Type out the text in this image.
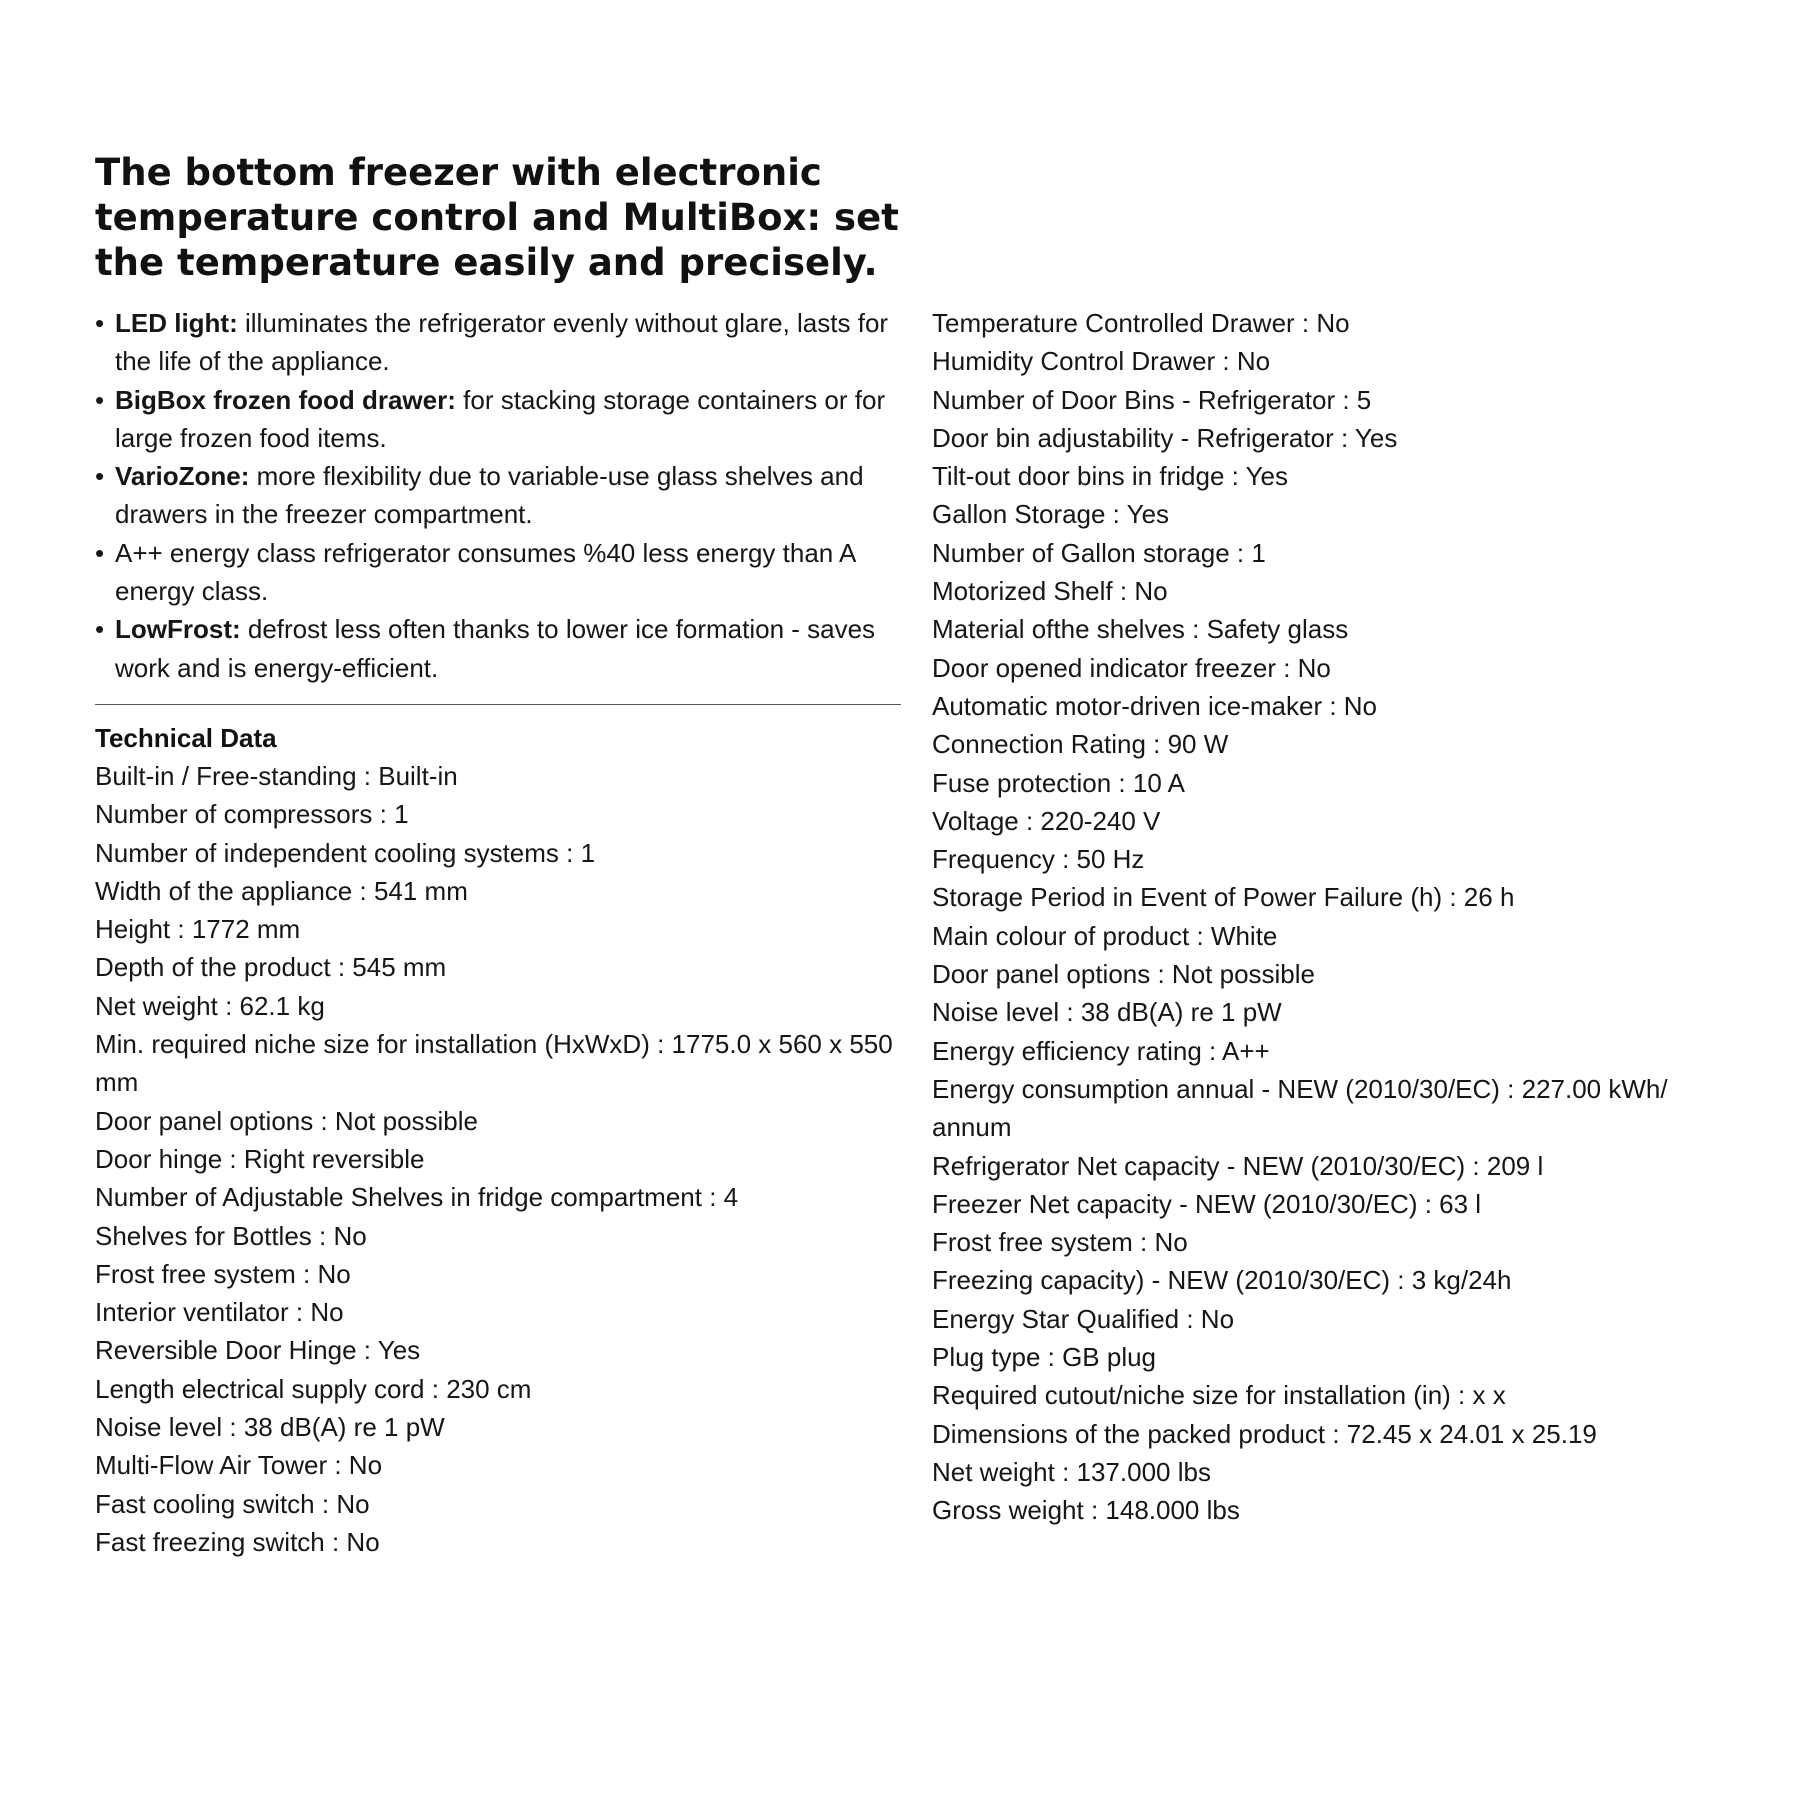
The bottom freezer with electronic temperature control and MultiBox: set the temperature easily and precisely.
• LED light: illuminates the refrigerator evenly without glare, lasts for the life of the appliance.
• BigBox frozen food drawer: for stacking storage containers or for large frozen food items.
• VarioZone: more flexibility due to variable-use glass shelves and drawers in the freezer compartment.
• A++ energy class refrigerator consumes %40 less energy than A energy class.
• LowFrost: defrost less often thanks to lower ice formation - saves work and is energy-efficient.
Technical Data
Built-in / Free-standing : Built-in
Number of compressors : 1
Number of independent cooling systems : 1
Width of the appliance : 541 mm
Height : 1772 mm
Depth of the product : 545 mm
Net weight : 62.1 kg
Min. required niche size for installation (HxWxD) : 1775.0 x 560 x 550 mm
Door panel options : Not possible
Door hinge : Right reversible
Number of Adjustable Shelves in fridge compartment : 4
Shelves for Bottles : No
Frost free system : No
Interior ventilator : No
Reversible Door Hinge : Yes
Length electrical supply cord : 230 cm
Noise level : 38 dB(A) re 1 pW
Multi-Flow Air Tower : No
Fast cooling switch : No
Fast freezing switch : No
Temperature Controlled Drawer : No
Humidity Control Drawer : No
Number of Door Bins - Refrigerator : 5
Door bin adjustability - Refrigerator : Yes
Tilt-out door bins in fridge : Yes
Gallon Storage : Yes
Number of Gallon storage : 1
Motorized Shelf : No
Material ofthe shelves : Safety glass
Door opened indicator freezer : No
Automatic motor-driven ice-maker : No
Connection Rating : 90 W
Fuse protection : 10 A
Voltage : 220-240 V
Frequency : 50 Hz
Storage Period in Event of Power Failure (h) : 26 h
Main colour of product : White
Door panel options : Not possible
Noise level : 38 dB(A) re 1 pW
Energy efficiency rating : A++
Energy consumption annual - NEW (2010/30/EC) : 227.00 kWh/ annum
Refrigerator Net capacity - NEW (2010/30/EC) : 209 l
Freezer Net capacity - NEW (2010/30/EC) : 63 l
Frost free system : No
Freezing capacity) - NEW (2010/30/EC) : 3 kg/24h
Energy Star Qualified : No
Plug type : GB plug
Required cutout/niche size for installation (in) : x x
Dimensions of the packed product : 72.45 x 24.01 x 25.19
Net weight : 137.000 lbs
Gross weight : 148.000 lbs
